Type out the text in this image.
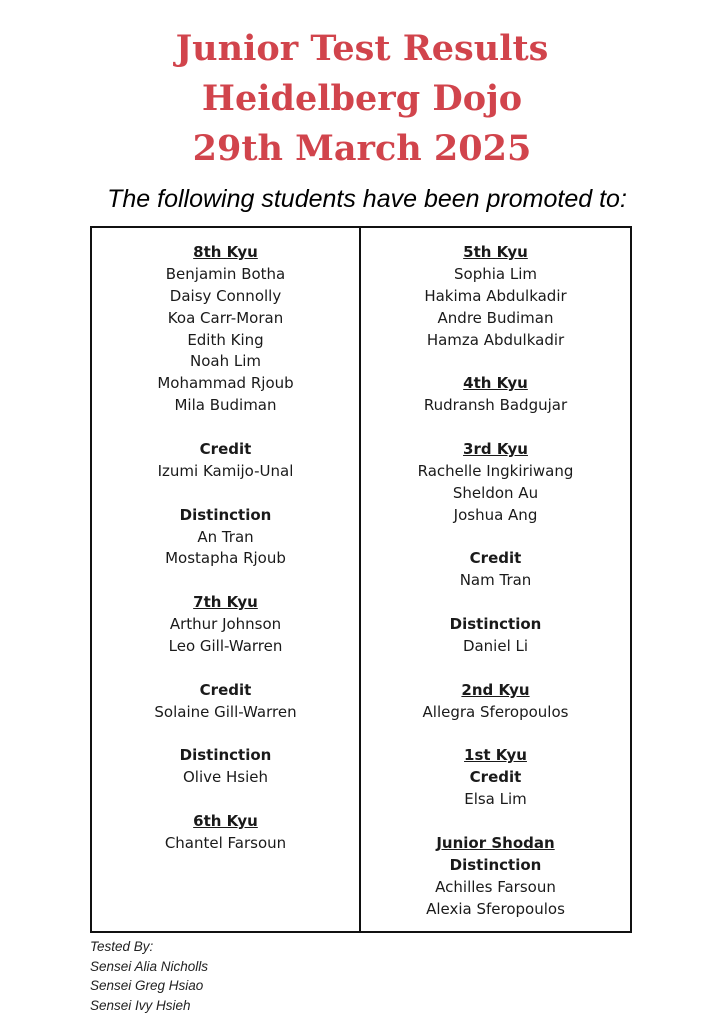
Junior Test Results

Heidelberg Dojo

29th March 2025

The following students have been promoted to:
8th Kyu
Benjamin Botha
Daisy Connolly
Koa Carr-Moran
Edith King
Noah Lim
Mohammad Rjoub
Mila Budiman
Credit
Izumi Kamijo-Unal
Distinction
An Tran
Mostapha Rjoub
7th Kyu
Arthur Johnson
Leo Gill-Warren
Credit
Solaine Gill-Warren
Distinction
Olive Hsieh
6th Kyu
Chantel Farsoun
5th Kyu
Sophia Lim
Hakima Abdulkadir
Andre Budiman
Hamza Abdulkadir
4th Kyu
Rudransh Badgujar
3rd Kyu
Rachelle Ingkiriwang
Sheldon Au
Joshua Ang
Credit
Nam Tran
Distinction
Daniel Li
2nd Kyu
Allegra Sferopoulos
1st Kyu
Credit
Elsa Lim
Junior Shodan
Distinction
Achilles Farsoun
Alexia Sferopoulos
Tested By:
Sensei Alia Nicholls
Sensei Greg Hsiao
Sensei Ivy Hsieh
